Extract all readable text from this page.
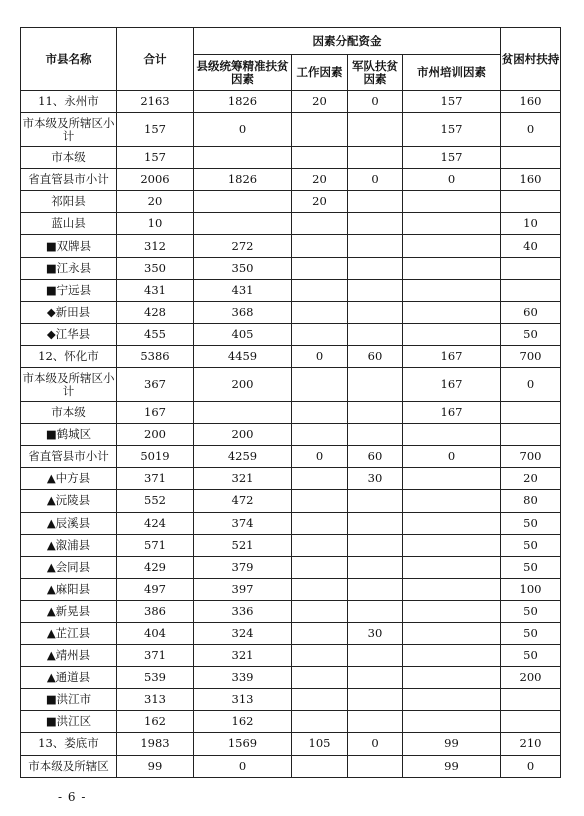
市县名称	合计	因素分配资金				贫困村扶持
		县级统筹精准扶贫因素	工作因素	军队扶贫因素	市州培训因素	
11、永州市	2163	1826	20	0	157	160
市本级及所辖区小计	157	0			157	0
市本级	157				157	
省直管县市小计	2006	1826	20	0	0	160
祁阳县	20		20			
蓝山县	10					10
■双牌县	312	272				40
■江永县	350	350				
■宁远县	431	431				
◆新田县	428	368				60
◆江华县	455	405				50
12、怀化市	5386	4459	0	60	167	700
市本级及所辖区小计	367	200			167	0
市本级	167				167	
■鹤城区	200	200				
省直管县市小计	5019	4259	0	60	0	700
▲中方县	371	321		30		20
▲沅陵县	552	472				80
▲辰溪县	424	374				50
▲溆浦县	571	521				50
▲会同县	429	379				50
▲麻阳县	497	397				100
▲新晃县	386	336				50
▲芷江县	404	324		30		50
▲靖州县	371	321				50
▲通道县	539	339				200
■洪江市	313	313				
■洪江区	162	162				
13、娄底市	1983	1569	105	0	99	210
市本级及所辖区	99	0			99	0
- 6 -
